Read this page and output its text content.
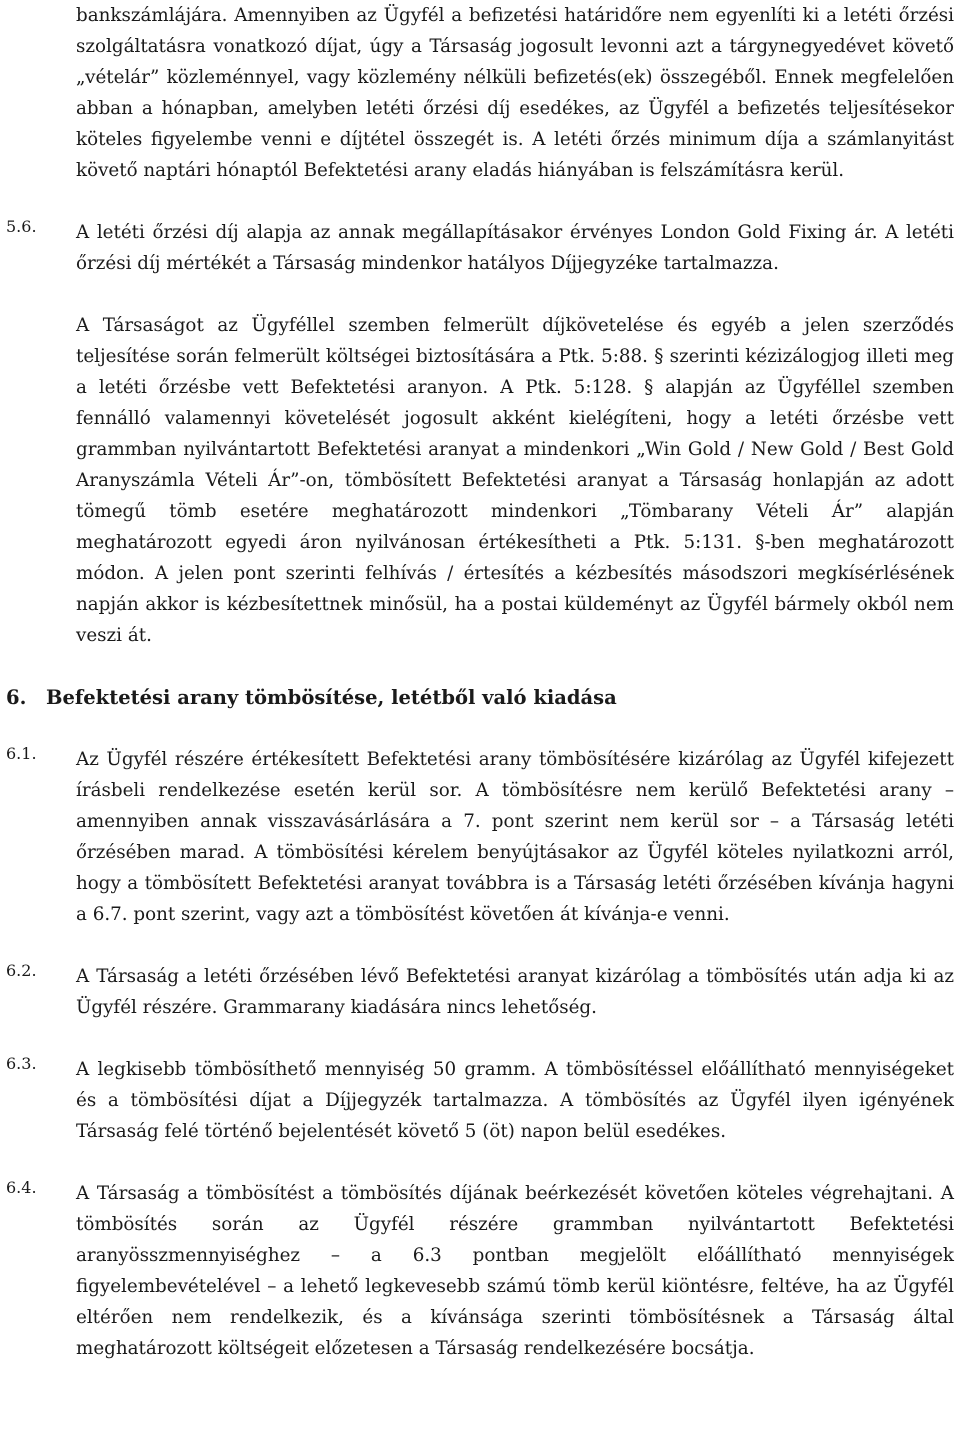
bankszámlájára. Amennyiben az Ügyfél a befizetési határidőre nem egyenlíti ki a letéti őrzési szolgáltatásra vonatkozó díjat, úgy a Társaság jogosult levonni azt a tárgynegyedévet követő „vételár” közleménnyel, vagy közlemény nélküli befizetés(ek) összegéből. Ennek megfelelően abban a hónapban, amelyben letéti őrzési díj esedékes, az Ügyfél a befizetés teljesítésekor köteles figyelembe venni e díjtétel összegét is. A letéti őrzés minimum díja a számlanyitást követő naptári hónaptól Befektetési arany eladás hiányában is felszámításra kerül.

5.6.	A letéti őrzési díj alapja az annak megállapításakor érvényes London Gold Fixing ár. A letéti őrzési díj mértékét a Társaság mindenkor hatályos Díjjegyzéke tartalmazza.

A Társaságot az Ügyféllel szemben felmerült díjkövetelése és egyéb a jelen szerződés teljesítése során felmerült költségei biztosítására a Ptk. 5:88. § szerinti kézizálogjog illeti meg a letéti őrzésbe vett Befektetési aranyon. A Ptk. 5:128. § alapján az Ügyféllel szemben fennálló valamennyi követelését jogosult akként kielégíteni, hogy a letéti őrzésbe vett grammban nyilvántartott Befektetési aranyat a mindenkori „Win Gold / New Gold / Best Gold Aranyszámla Vételi Ár”-on, tömbösített Befektetési aranyat a Társaság honlapján az adott tömegű tömb esetére meghatározott mindenkori „Tömbarany Vételi Ár” alapján meghatározott egyedi áron nyilvánosan értékesítheti a Ptk. 5:131. §-ben meghatározott módon. A jelen pont szerinti felhívás / értesítés a kézbesítés másodszori megkísérlésének napján akkor is kézbesítettnek minősül, ha a postai küldeményt az Ügyfél bármely okból nem veszi át.

6.	Befektetési arany tömbösítése, letétből való kiadása
6.1.	Az Ügyfél részére értékesített Befektetési arany tömbösítésére kizárólag az Ügyfél kifejezett írásbeli rendelkezése esetén kerül sor. A tömbösítésre nem kerülő Befektetési arany – amennyiben annak visszavásárlására a 7. pont szerint nem kerül sor – a Társaság letéti őrzésében marad. A tömbösítési kérelem benyújtásakor az Ügyfél köteles nyilatkozni arról, hogy a tömbösített Befektetési aranyat továbbra is a Társaság letéti őrzésében kívánja hagyni a 6.7. pont szerint, vagy azt a tömbösítést követően át kívánja-e venni.

6.2.	A Társaság a letéti őrzésében lévő Befektetési aranyat kizárólag a tömbösítés után adja ki az Ügyfél részére. Grammarany kiadására nincs lehetőség.

6.3.	A legkisebb tömbösíthető mennyiség 50 gramm. A tömbösítéssel előállítható mennyiségeket és a tömbösítési díjat a Díjjegyzék tartalmazza. A tömbösítés az Ügyfél ilyen igényének Társaság felé történő bejelentését követő 5 (öt) napon belül esedékes.

6.4.	A Társaság a tömbösítést a tömbösítés díjának beérkezését követően köteles végrehajtani. A tömbösítés során az Ügyfél részére grammban nyilvántartott Befektetési aranyösszmennyiséghez – a 6.3 pontban megjelölt előállítható mennyiségek figyelembevételével – a lehető legkevesebb számú tömb kerül kiöntésre, feltéve, ha az Ügyfél eltérően nem rendelkezik, és a kívánsága szerinti tömbösítésnek a Társaság által meghatározott költségeit előzetesen a Társaság rendelkezésére bocsátja.
